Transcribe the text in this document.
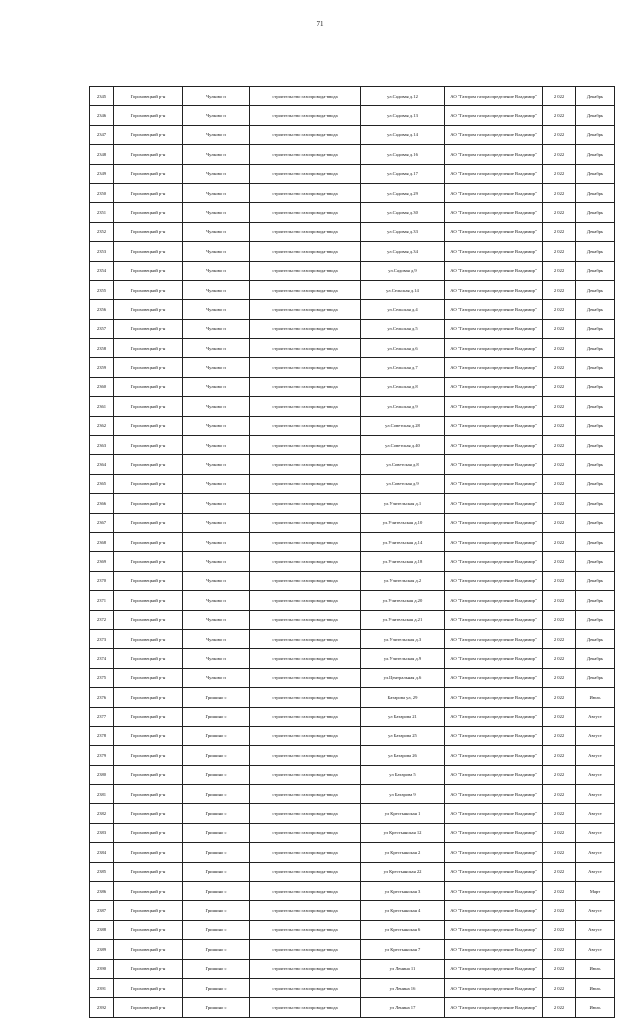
71
2345	Гороховецкий р-н	Чулково п	строительство газопровода-ввода	ул.Садовая д.12	АО "Газпром газораспределение Владимир"	2 022	Декабрь
2346	Гороховецкий р-н	Чулково п	строительство газопровода-ввода	ул.Садовая д.13	АО "Газпром газораспределение Владимир"	2 022	Декабрь
2347	Гороховецкий р-н	Чулково п	строительство газопровода-ввода	ул.Садовая д.14	АО "Газпром газораспределение Владимир"	2 022	Декабрь
2348	Гороховецкий р-н	Чулково п	строительство газопровода-ввода	ул.Садовая д.16	АО "Газпром газораспределение Владимир"	2 022	Декабрь
2349	Гороховецкий р-н	Чулково п	строительство газопровода-ввода	ул.Садовая д.17	АО "Газпром газораспределение Владимир"	2 022	Декабрь
2350	Гороховецкий р-н	Чулково п	строительство газопровода-ввода	ул.Садовая д.29	АО "Газпром газораспределение Владимир"	2 022	Декабрь
2351	Гороховецкий р-н	Чулково п	строительство газопровода-ввода	ул.Садовая д.30	АО "Газпром газораспределение Владимир"	2 022	Декабрь
2352	Гороховецкий р-н	Чулково п	строительство газопровода-ввода	ул.Садовая д.33	АО "Газпром газораспределение Владимир"	2 022	Декабрь
2353	Гороховецкий р-н	Чулково п	строительство газопровода-ввода	ул.Садовая д.34	АО "Газпром газораспределение Владимир"	2 022	Декабрь
2354	Гороховецкий р-н	Чулково п	строительство газопровода-ввода	ул.Садовая д.9	АО "Газпром газораспределение Владимир"	2 022	Декабрь
2355	Гороховецкий р-н	Чулково п	строительство газопровода-ввода	ул.Сельская д.14	АО "Газпром газораспределение Владимир"	2 022	Декабрь
2356	Гороховецкий р-н	Чулково п	строительство газопровода-ввода	ул.Сельская д.4	АО "Газпром газораспределение Владимир"	2 022	Декабрь
2357	Гороховецкий р-н	Чулково п	строительство газопровода-ввода	ул.Сельская д.5	АО "Газпром газораспределение Владимир"	2 022	Декабрь
2358	Гороховецкий р-н	Чулково п	строительство газопровода-ввода	ул.Сельская д.6	АО "Газпром газораспределение Владимир"	2 022	Декабрь
2359	Гороховецкий р-н	Чулково п	строительство газопровода-ввода	ул.Сельская д.7	АО "Газпром газораспределение Владимир"	2 022	Декабрь
2360	Гороховецкий р-н	Чулково п	строительство газопровода-ввода	ул.Сельская д.8	АО "Газпром газораспределение Владимир"	2 022	Декабрь
2361	Гороховецкий р-н	Чулково п	строительство газопровода-ввода	ул.Сельская д.9	АО "Газпром газораспределение Владимир"	2 022	Декабрь
2362	Гороховецкий р-н	Чулково п	строительство газопровода-ввода	ул.Советская д.28	АО "Газпром газораспределение Владимир"	2 022	Декабрь
2363	Гороховецкий р-н	Чулково п	строительство газопровода-ввода	ул.Советская д.40	АО "Газпром газораспределение Владимир"	2 022	Декабрь
2364	Гороховецкий р-н	Чулково п	строительство газопровода-ввода	ул.Советская д.8	АО "Газпром газораспределение Владимир"	2 022	Декабрь
2365	Гороховецкий р-н	Чулково п	строительство газопровода-ввода	ул.Советская д.9	АО "Газпром газораспределение Владимир"	2 022	Декабрь
2366	Гороховецкий р-н	Чулково п	строительство газопровода-ввода	ул.Учительская д.1	АО "Газпром газораспределение Владимир"	2 022	Декабрь
2367	Гороховецкий р-н	Чулково п	строительство газопровода-ввода	ул.Учительская д.10	АО "Газпром газораспределение Владимир"	2 022	Декабрь
2368	Гороховецкий р-н	Чулково п	строительство газопровода-ввода	ул.Учительская д.14	АО "Газпром газораспределение Владимир"	2 022	Декабрь
2369	Гороховецкий р-н	Чулково п	строительство газопровода-ввода	ул.Учительская д.18	АО "Газпром газораспределение Владимир"	2 022	Декабрь
2370	Гороховецкий р-н	Чулково п	строительство газопровода-ввода	ул.Учительская д.2	АО "Газпром газораспределение Владимир"	2 022	Декабрь
2371	Гороховецкий р-н	Чулково п	строительство газопровода-ввода	ул.Учительская д.20	АО "Газпром газораспределение Владимир"	2 022	Декабрь
2372	Гороховецкий р-н	Чулково п	строительство газопровода-ввода	ул.Учительская д.21	АО "Газпром газораспределение Владимир"	2 022	Декабрь
2373	Гороховецкий р-н	Чулково п	строительство газопровода-ввода	ул.Учительская д.3	АО "Газпром газораспределение Владимир"	2 022	Декабрь
2374	Гороховецкий р-н	Чулково п	строительство газопровода-ввода	ул.Учительская д.9	АО "Газпром газораспределение Владимир"	2 022	Декабрь
2375	Гороховецкий р-н	Чулково п	строительство газопровода-ввода	ул.Центральная д.6	АО "Газпром газораспределение Владимир"	2 022	Декабрь
2376	Гороховецкий р-н	Гришино с	строительство газопровода-ввода	Батарова ул, 29	АО "Газпром газораспределение Владимир"	2 022	Июль
2377	Гороховецкий р-н	Гришино с	строительство газопровода-ввода	ул Батарова 21	АО "Газпром газораспределение Владимир"	2 022	Август
2378	Гороховецкий р-н	Гришино с	строительство газопровода-ввода	ул Батарова 25	АО "Газпром газораспределение Владимир"	2 022	Август
2379	Гороховецкий р-н	Гришино с	строительство газопровода-ввода	ул Батарова 26	АО "Газпром газораспределение Владимир"	2 022	Август
2380	Гороховецкий р-н	Гришино с	строительство газопровода-ввода	ул Батарова 5	АО "Газпром газораспределение Владимир"	2 022	Август
2381	Гороховецкий р-н	Гришино с	строительство газопровода-ввода	ул Батарова 9	АО "Газпром газораспределение Владимир"	2 022	Август
2382	Гороховецкий р-н	Гришино с	строительство газопровода-ввода	ул Крестьянская 1	АО "Газпром газораспределение Владимир"	2 022	Август
2383	Гороховецкий р-н	Гришино с	строительство газопровода-ввода	ул Крестьянская 12	АО "Газпром газораспределение Владимир"	2 022	Август
2384	Гороховецкий р-н	Гришино с	строительство газопровода-ввода	ул Крестьянская 2	АО "Газпром газораспределение Владимир"	2 022	Август
2385	Гороховецкий р-н	Гришино с	строительство газопровода-ввода	ул Крестьянская 22	АО "Газпром газораспределение Владимир"	2 022	Август
2386	Гороховецкий р-н	Гришино с	строительство газопровода-ввода	ул Крестьянская 3	АО "Газпром газораспределение Владимир"	2 022	Март
2387	Гороховецкий р-н	Гришино с	строительство газопровода-ввода	ул Крестьянская 4	АО "Газпром газораспределение Владимир"	2 022	Август
2388	Гороховецкий р-н	Гришино с	строительство газопровода-ввода	ул Крестьянская 6	АО "Газпром газораспределение Владимир"	2 022	Август
2389	Гороховецкий р-н	Гришино с	строительство газопровода-ввода	ул Крестьянская 7	АО "Газпром газораспределение Владимир"	2 022	Август
2390	Гороховецкий р-н	Гришино с	строительство газопровода-ввода	ул Ленина 11	АО "Газпром газораспределение Владимир"	2 022	Июль
2391	Гороховецкий р-н	Гришино с	строительство газопровода-ввода	ул Ленина 16	АО "Газпром газораспределение Владимир"	2 022	Июль
2392	Гороховецкий р-н	Гришино с	строительство газопровода-ввода	ул Ленина 17	АО "Газпром газораспределение Владимир"	2 022	Июль
